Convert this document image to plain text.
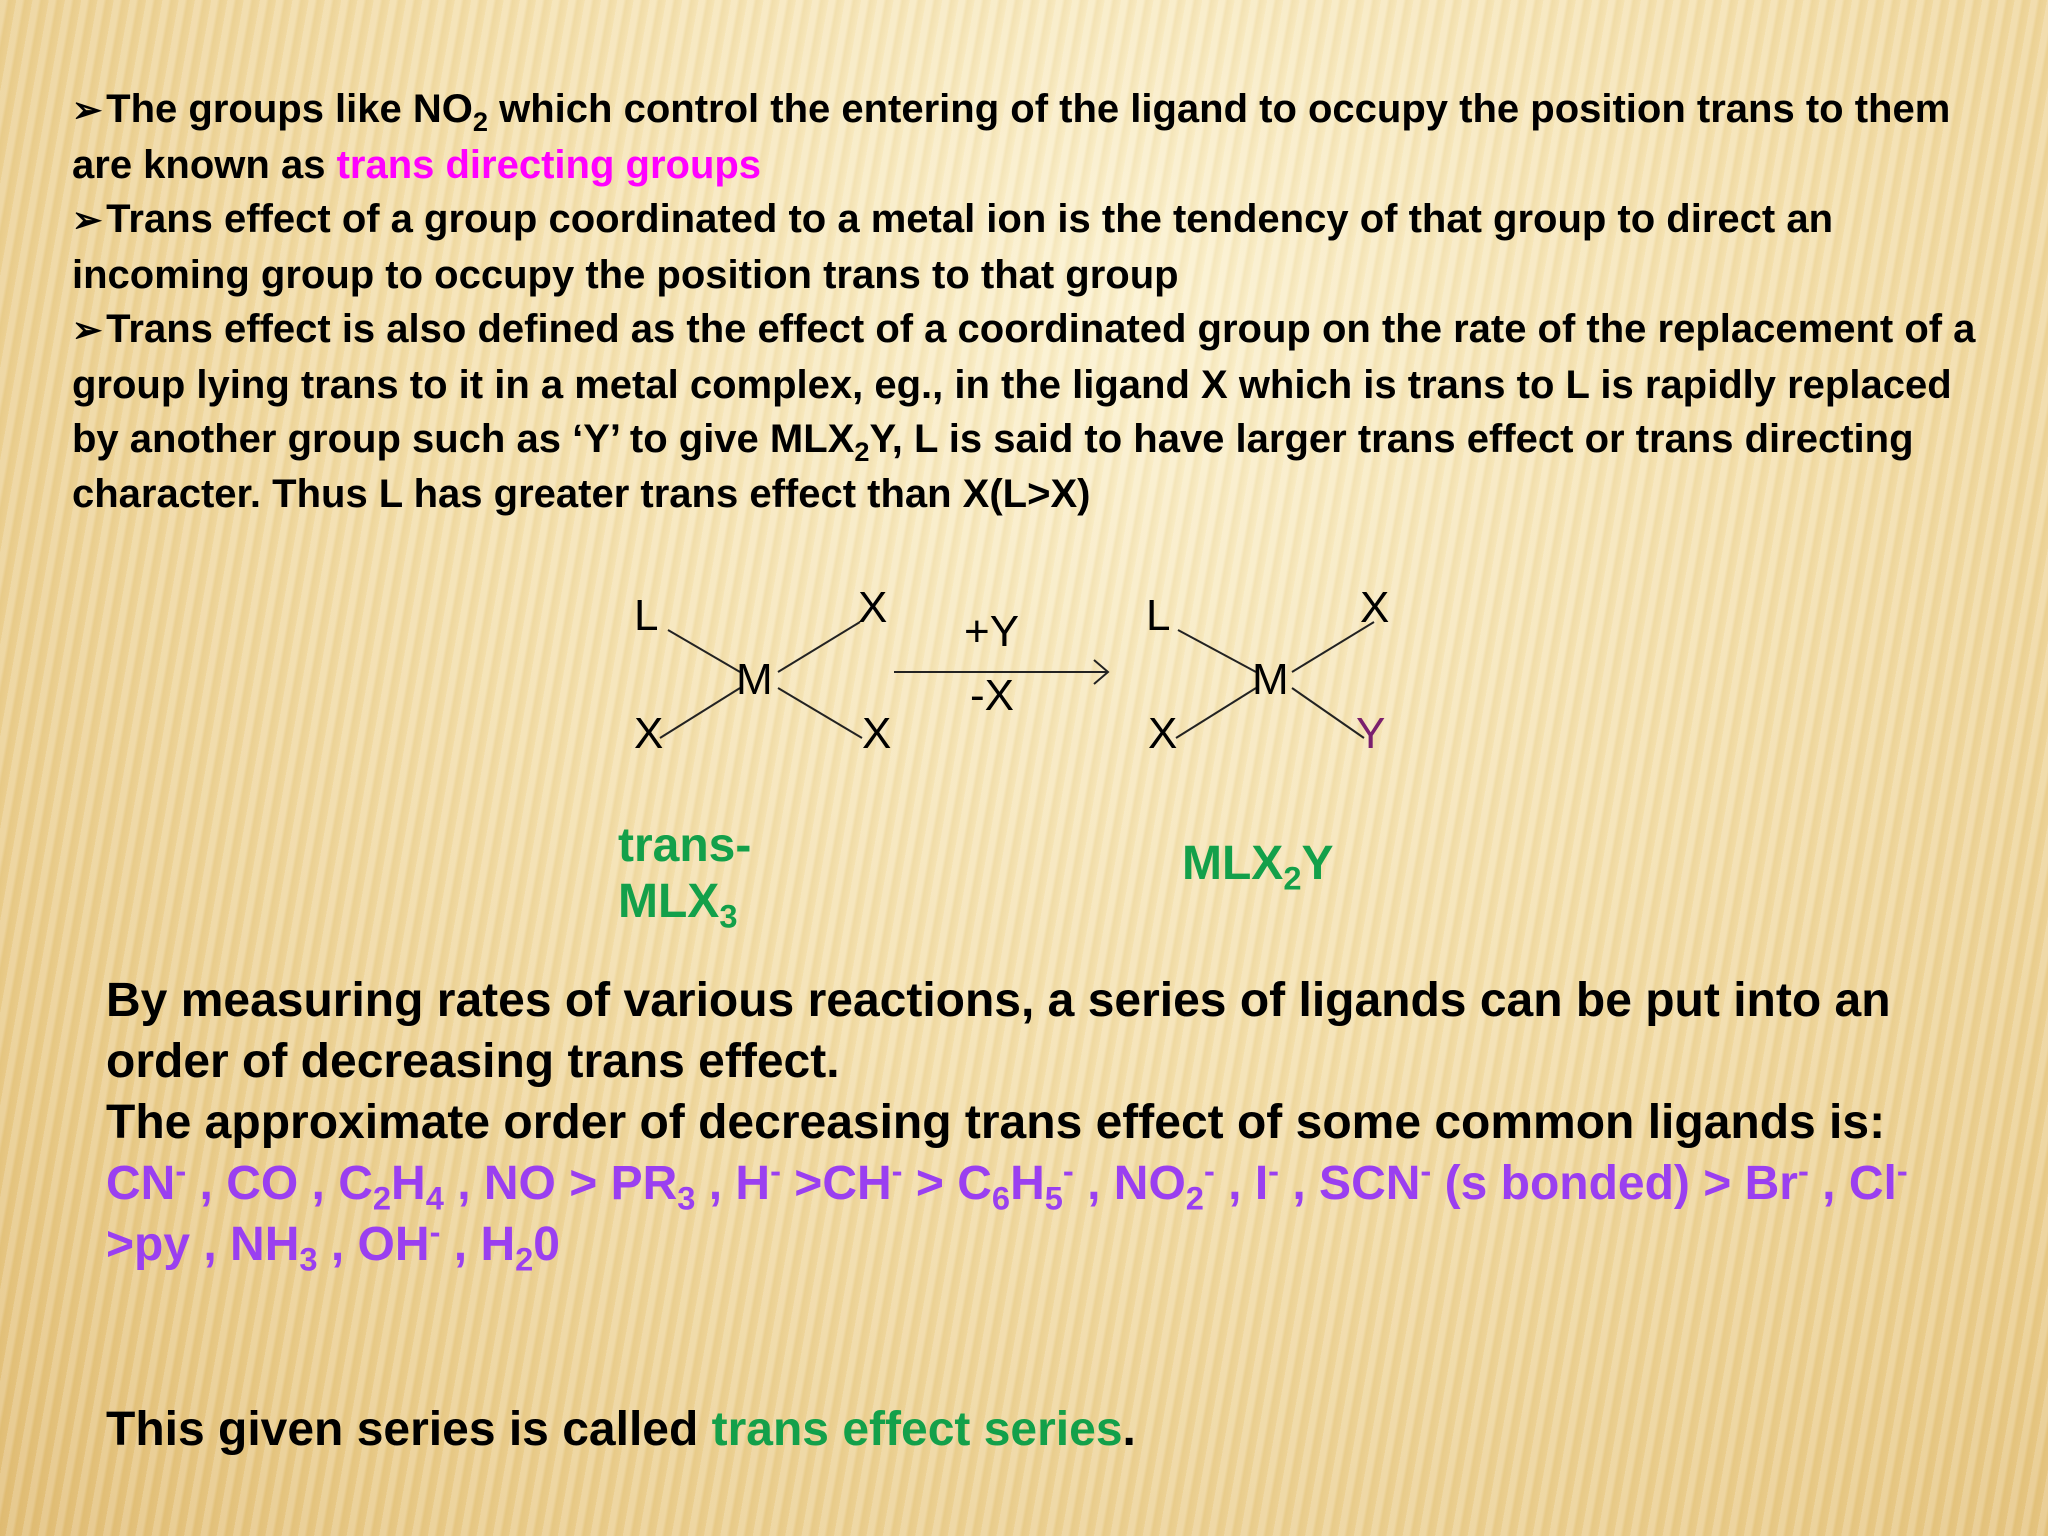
➢ The groups like $NO_2$ which control the entering of the ligand to occupy the position trans to them are known as trans directing groups

➢ Trans effect of a group coordinated to a metal ion is the tendency of that group to direct an incoming group to occupy the position trans to that group

➢ Trans effect is also defined as the effect of a coordinated group on the rate of the replacement of a group lying trans to it in a metal complex, eg., in the ligand X which is trans to L is rapidly replaced by another group such as ‘Y’ to give $MLX_2Y$, L is said to have larger trans effect or trans directing character. Thus L has greater trans effect than X(L>X)

L	X
M
X	X
+Y
-X
L	X
M
X	Y
trans-
$MLX_3$
$MLX_2Y$

By measuring rates of various reactions, a series of ligands can be put into an order of decreasing trans effect.

The approximate order of decreasing trans effect of some common ligands is:

CN- , CO , $C_2H_4$ , NO > $PR_3$ , $H^- >CH^- > C_6H_5^-$ , $NO_2^-$ , I- , SCN- (s bonded) > Br- , Cl- >py , $NH_3$ , OH- , $H_20$

This given series is called trans effect series.
